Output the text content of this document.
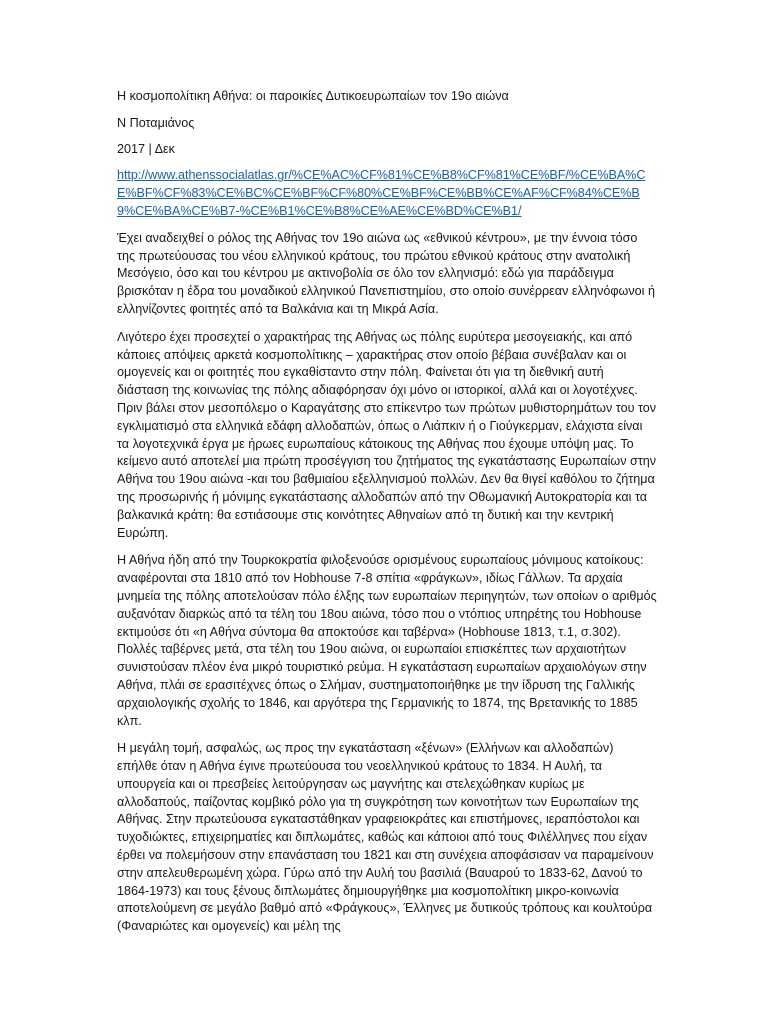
Η κοσμοπολίτικη Αθήνα: οι παροικίες Δυτικοευρωπαίων τον 19ο αιώνα

Ν Ποταμιάνος

2017 | Δεκ

http://www.athenssocialatlas.gr/%CE%AC%CF%81%CE%B8%CF%81%CE%BF/%CE%BA%CE%BF%CF%83%CE%BC%CE%BF%CF%80%CE%BF%CE%BB%CE%AF%CF%84%CE%B9%CE%BA%CE%B7-%CE%B1%CE%B8%CE%AE%CE%BD%CE%B1/

Έχει αναδειχθεί ο ρόλος της Αθήνας τον 19ο αιώνα ως «εθνικού κέντρου», με την έννοια τόσο της πρωτεύουσας του νέου ελληνικού κράτους, του πρώτου εθνικού κράτους στην ανατολική Μεσόγειο, όσο και του κέντρου με ακτινοβολία σε όλο τον ελληνισμό: εδώ για παράδειγμα βρισκόταν η έδρα του μοναδικού ελληνικού Πανεπιστημίου, στο οποίο συνέρρεαν ελληνόφωνοι ή ελληνίζοντες φοιτητές από τα Βαλκάνια και τη Μικρά Ασία.

Λιγότερο έχει προσεχτεί ο χαρακτήρας της Αθήνας ως πόλης ευρύτερα μεσογειακής, και από κάποιες απόψεις αρκετά κοσμοπολίτικης – χαρακτήρας στον οποίο βέβαια συνέβαλαν και οι ομογενείς και οι φοιτητές που εγκαθίσταντο στην πόλη. Φαίνεται ότι για τη διεθνική αυτή διάσταση της κοινωνίας της πόλης αδιαφόρησαν όχι μόνο οι ιστορικοί, αλλά και οι λογοτέχνες. Πριν βάλει στον μεσοπόλεμο ο Καραγάτσης στο επίκεντρο των πρώτων μυθιστορημάτων του τον εγκλιματισμό στα ελληνικά εδάφη αλλοδαπών, όπως ο Λιάπκιν ή ο Γιούγκερμαν, ελάχιστα είναι τα λογοτεχνικά έργα με ήρωες ευρωπαίους κάτοικους της Αθήνας που έχουμε υπόψη μας. Το κείμενο αυτό αποτελεί μια πρώτη προσέγγιση του ζητήματος της εγκατάστασης Ευρωπαίων στην Αθήνα του 19ου αιώνα -και του βαθμιαίου εξελληνισμού πολλών. Δεν θα θιγεί καθόλου το ζήτημα της προσωρινής ή μόνιμης εγκατάστασης αλλοδαπών από την Οθωμανική Αυτοκρατορία και τα βαλκανικά κράτη: θα εστιάσουμε στις κοινότητες Αθηναίων από τη δυτική και την κεντρική Ευρώπη.

Η Αθήνα ήδη από την Τουρκοκρατία φιλοξενούσε ορισμένους ευρωπαίους μόνιμους κατοίκους: αναφέρονται στα 1810 από τον Hobhouse 7-8 σπίτια «φράγκων», ιδίως Γάλλων. Τα αρχαία μνημεία της πόλης αποτελούσαν πόλο έλξης των ευρωπαίων περιηγητών, των οποίων ο αριθμός αυξανόταν διαρκώς από τα τέλη του 18ου αιώνα, τόσο που ο ντόπιος υπηρέτης του Hobhouse εκτιμούσε ότι «η Αθήνα σύντομα θα αποκτούσε και ταβέρνα» (Hobhouse 1813, τ.1, σ.302). Πολλές ταβέρνες μετά, στα τέλη του 19ου αιώνα, οι ευρωπαίοι επισκέπτες των αρχαιοτήτων συνιστούσαν πλέον ένα μικρό τουριστικό ρεύμα. Η εγκατάσταση ευρωπαίων αρχαιολόγων στην Αθήνα, πλάι σε ερασιτέχνες όπως ο Σλήμαν, συστηματοποιήθηκε με την ίδρυση της Γαλλικής αρχαιολογικής σχολής το 1846, και αργότερα της Γερμανικής το 1874, της Βρετανικής το 1885 κλπ.

Η μεγάλη τομή, ασφαλώς, ως προς την εγκατάσταση «ξένων» (Ελλήνων και αλλοδαπών) επήλθε όταν η Αθήνα έγινε πρωτεύουσα του νεοελληνικού κράτους το 1834. Η Αυλή, τα υπουργεία και οι πρεσβείες λειτούργησαν ως μαγνήτης και στελεχώθηκαν κυρίως με αλλοδαπούς, παίζοντας κομβικό ρόλο για τη συγκρότηση των κοινοτήτων των Ευρωπαίων της Αθήνας. Στην πρωτεύουσα εγκαταστάθηκαν γραφειοκράτες και επιστήμονες, ιεραπόστολοι και τυχοδιώκτες, επιχειρηματίες και διπλωμάτες, καθώς και κάποιοι από τους Φιλέλληνες που είχαν έρθει να πολεμήσουν στην επανάσταση του 1821 και στη συνέχεια αποφάσισαν να παραμείνουν στην απελευθερωμένη χώρα. Γύρω από την Αυλή του βασιλιά (Βαυαρού το 1833-62, Δανού το 1864-1973) και τους ξένους διπλωμάτες δημιουργήθηκε μια κοσμοπολίτικη μικρο-κοινωνία αποτελούμενη σε μεγάλο βαθμό από «Φράγκους», Έλληνες με δυτικούς τρόπους και κουλτούρα (Φαναριώτες και ομογενείς) και μέλη της
